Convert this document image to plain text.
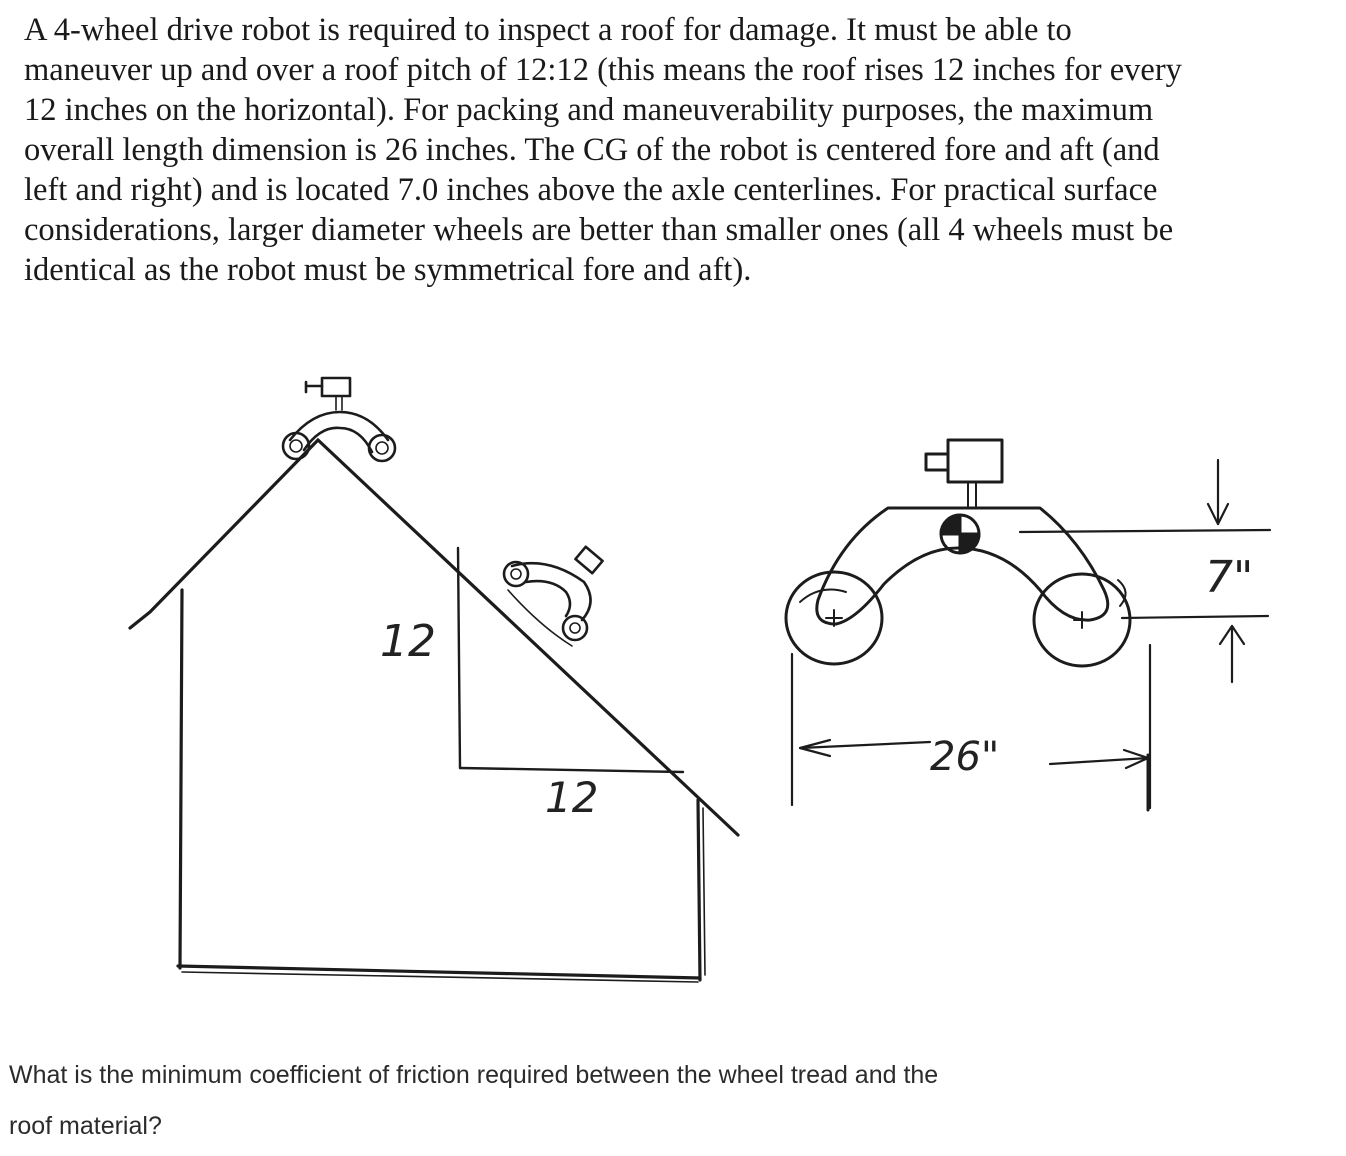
A 4-wheel drive robot is required to inspect a roof for damage. It must be able to
maneuver up and over a roof pitch of 12:12 (this means the roof rises 12 inches for every
12 inches on the horizontal). For packing and maneuverability purposes, the maximum
overall length dimension is 26 inches. The CG of the robot is centered fore and aft (and
left and right) and is located 7.0 inches above the axle centerlines. For practical surface
considerations, larger diameter wheels are better than smaller ones (all 4 wheels must be
identical as the robot must be symmetrical fore and aft).
12
12
26"
7"
What is the minimum coefficient of friction required between the wheel tread and the
roof material?
